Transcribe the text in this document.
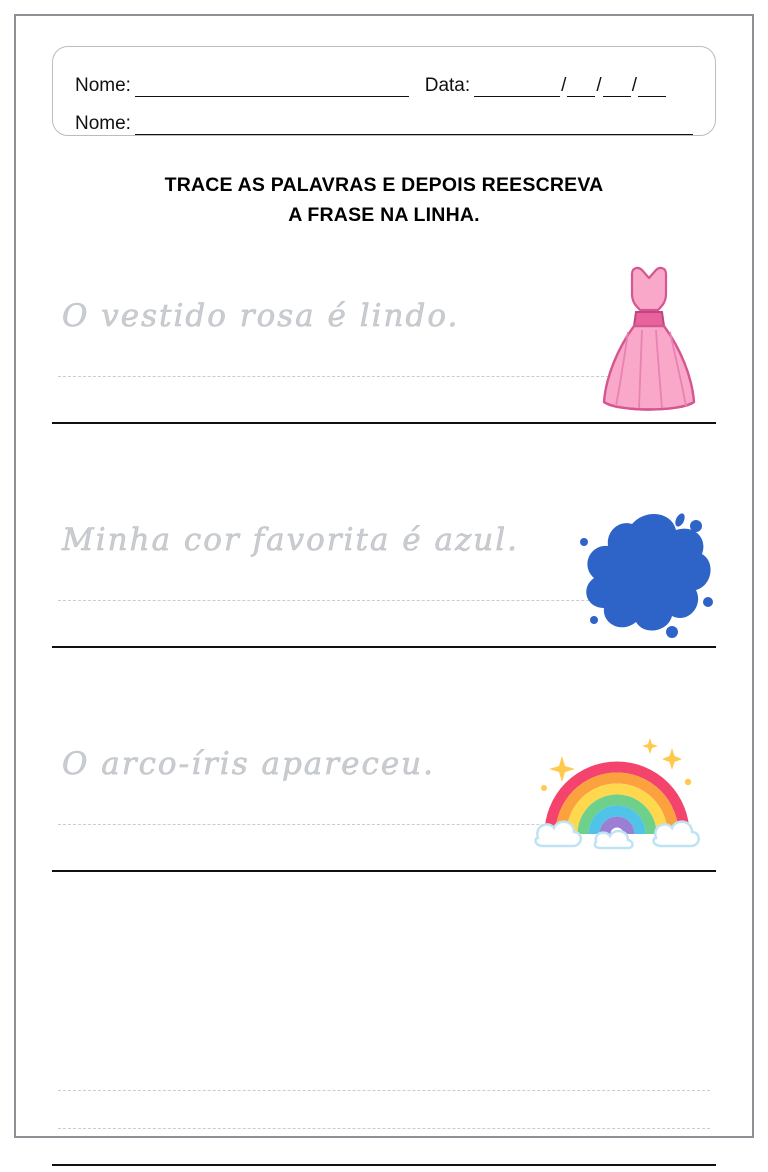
Nome:	Data:	/ / /
Nome:
TRACE AS PALAVRAS E DEPOIS REESCREVA
A FRASE NA LINHA.
O vestido rosa é lindo.
Minha cor favorita é azul.
O arco-íris apareceu.
